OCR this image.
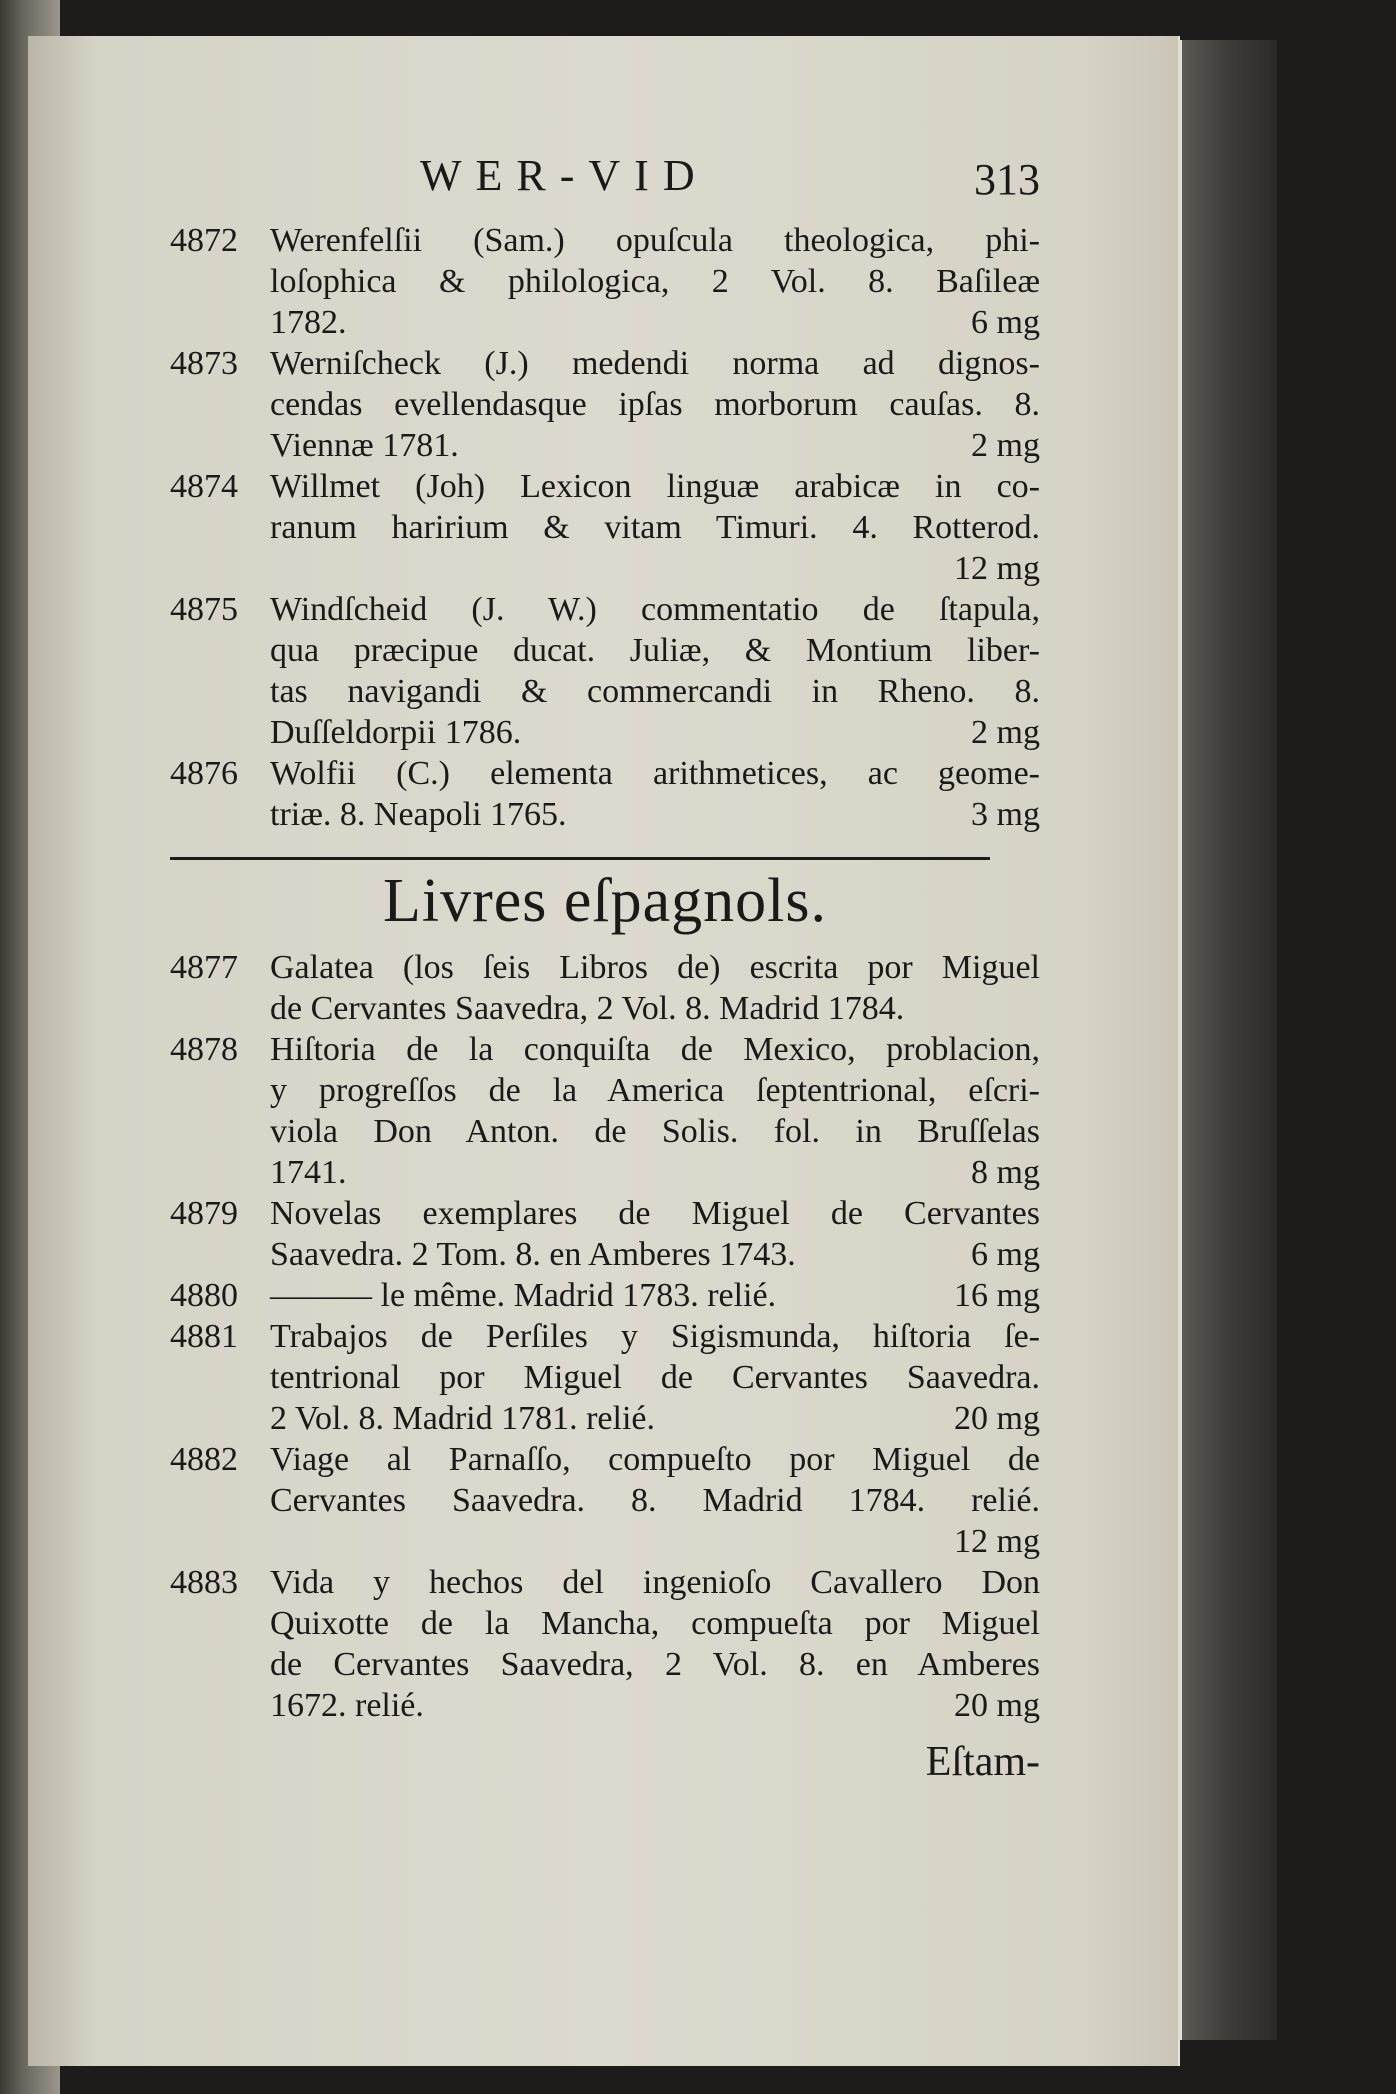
WER-VID	313
4872 Werenfelſii (Sam.) opuſcula theologica, phi-
loſophica & philologica, 2 Vol. 8. Baſileæ
1782.	6 mg
4873 Werniſcheck (J.) medendi norma ad dignos-
cendas evellendasque ipſas morborum cauſas. 8.
Viennæ 1781.	2 mg
4874 Willmet (Joh) Lexicon linguæ arabicæ in co-
ranum haririum & vitam Timuri. 4. Rotterod.
12 mg
4875 Windſcheid (J. W.) commentatio de ſtapula,
qua præcipue ducat. Juliæ, & Montium liber-
tas navigandi & commercandi in Rheno. 8.
Duſſeldorpii 1786.	2 mg
4876 Wolfii (C.) elementa arithmetices, ac geome-
triæ. 8. Neapoli 1765.	3 mg
Livres eſpagnols.
4877 Galatea (los ſeis Libros de) escrita por Miguel
de Cervantes Saavedra, 2 Vol. 8. Madrid 1784.
4878 Hiſtoria de la conquiſta de Mexico, problacion,
y progreſſos de la America ſeptentrional, eſcri-
viola Don Anton. de Solis. fol. in Bruſſelas
1741.	8 mg
4879 Novelas exemplares de Miguel de Cervantes
Saavedra. 2 Tom. 8. en Amberes 1743.	6 mg
4880 ——— le même. Madrid 1783. relié.	16 mg
4881 Trabajos de Perſiles y Sigismunda, hiſtoria ſe-
tentrional por Miguel de Cervantes Saavedra.
2 Vol. 8. Madrid 1781. relié.	20 mg
4882 Viage al Parnaſſo, compueſto por Miguel de
Cervantes Saavedra. 8. Madrid 1784. relié.
12 mg
4883 Vida y hechos del ingenioſo Cavallero Don
Quixotte de la Mancha, compueſta por Miguel
de Cervantes Saavedra, 2 Vol. 8. en Amberes
1672. relié.	20 mg
Eſtam-
